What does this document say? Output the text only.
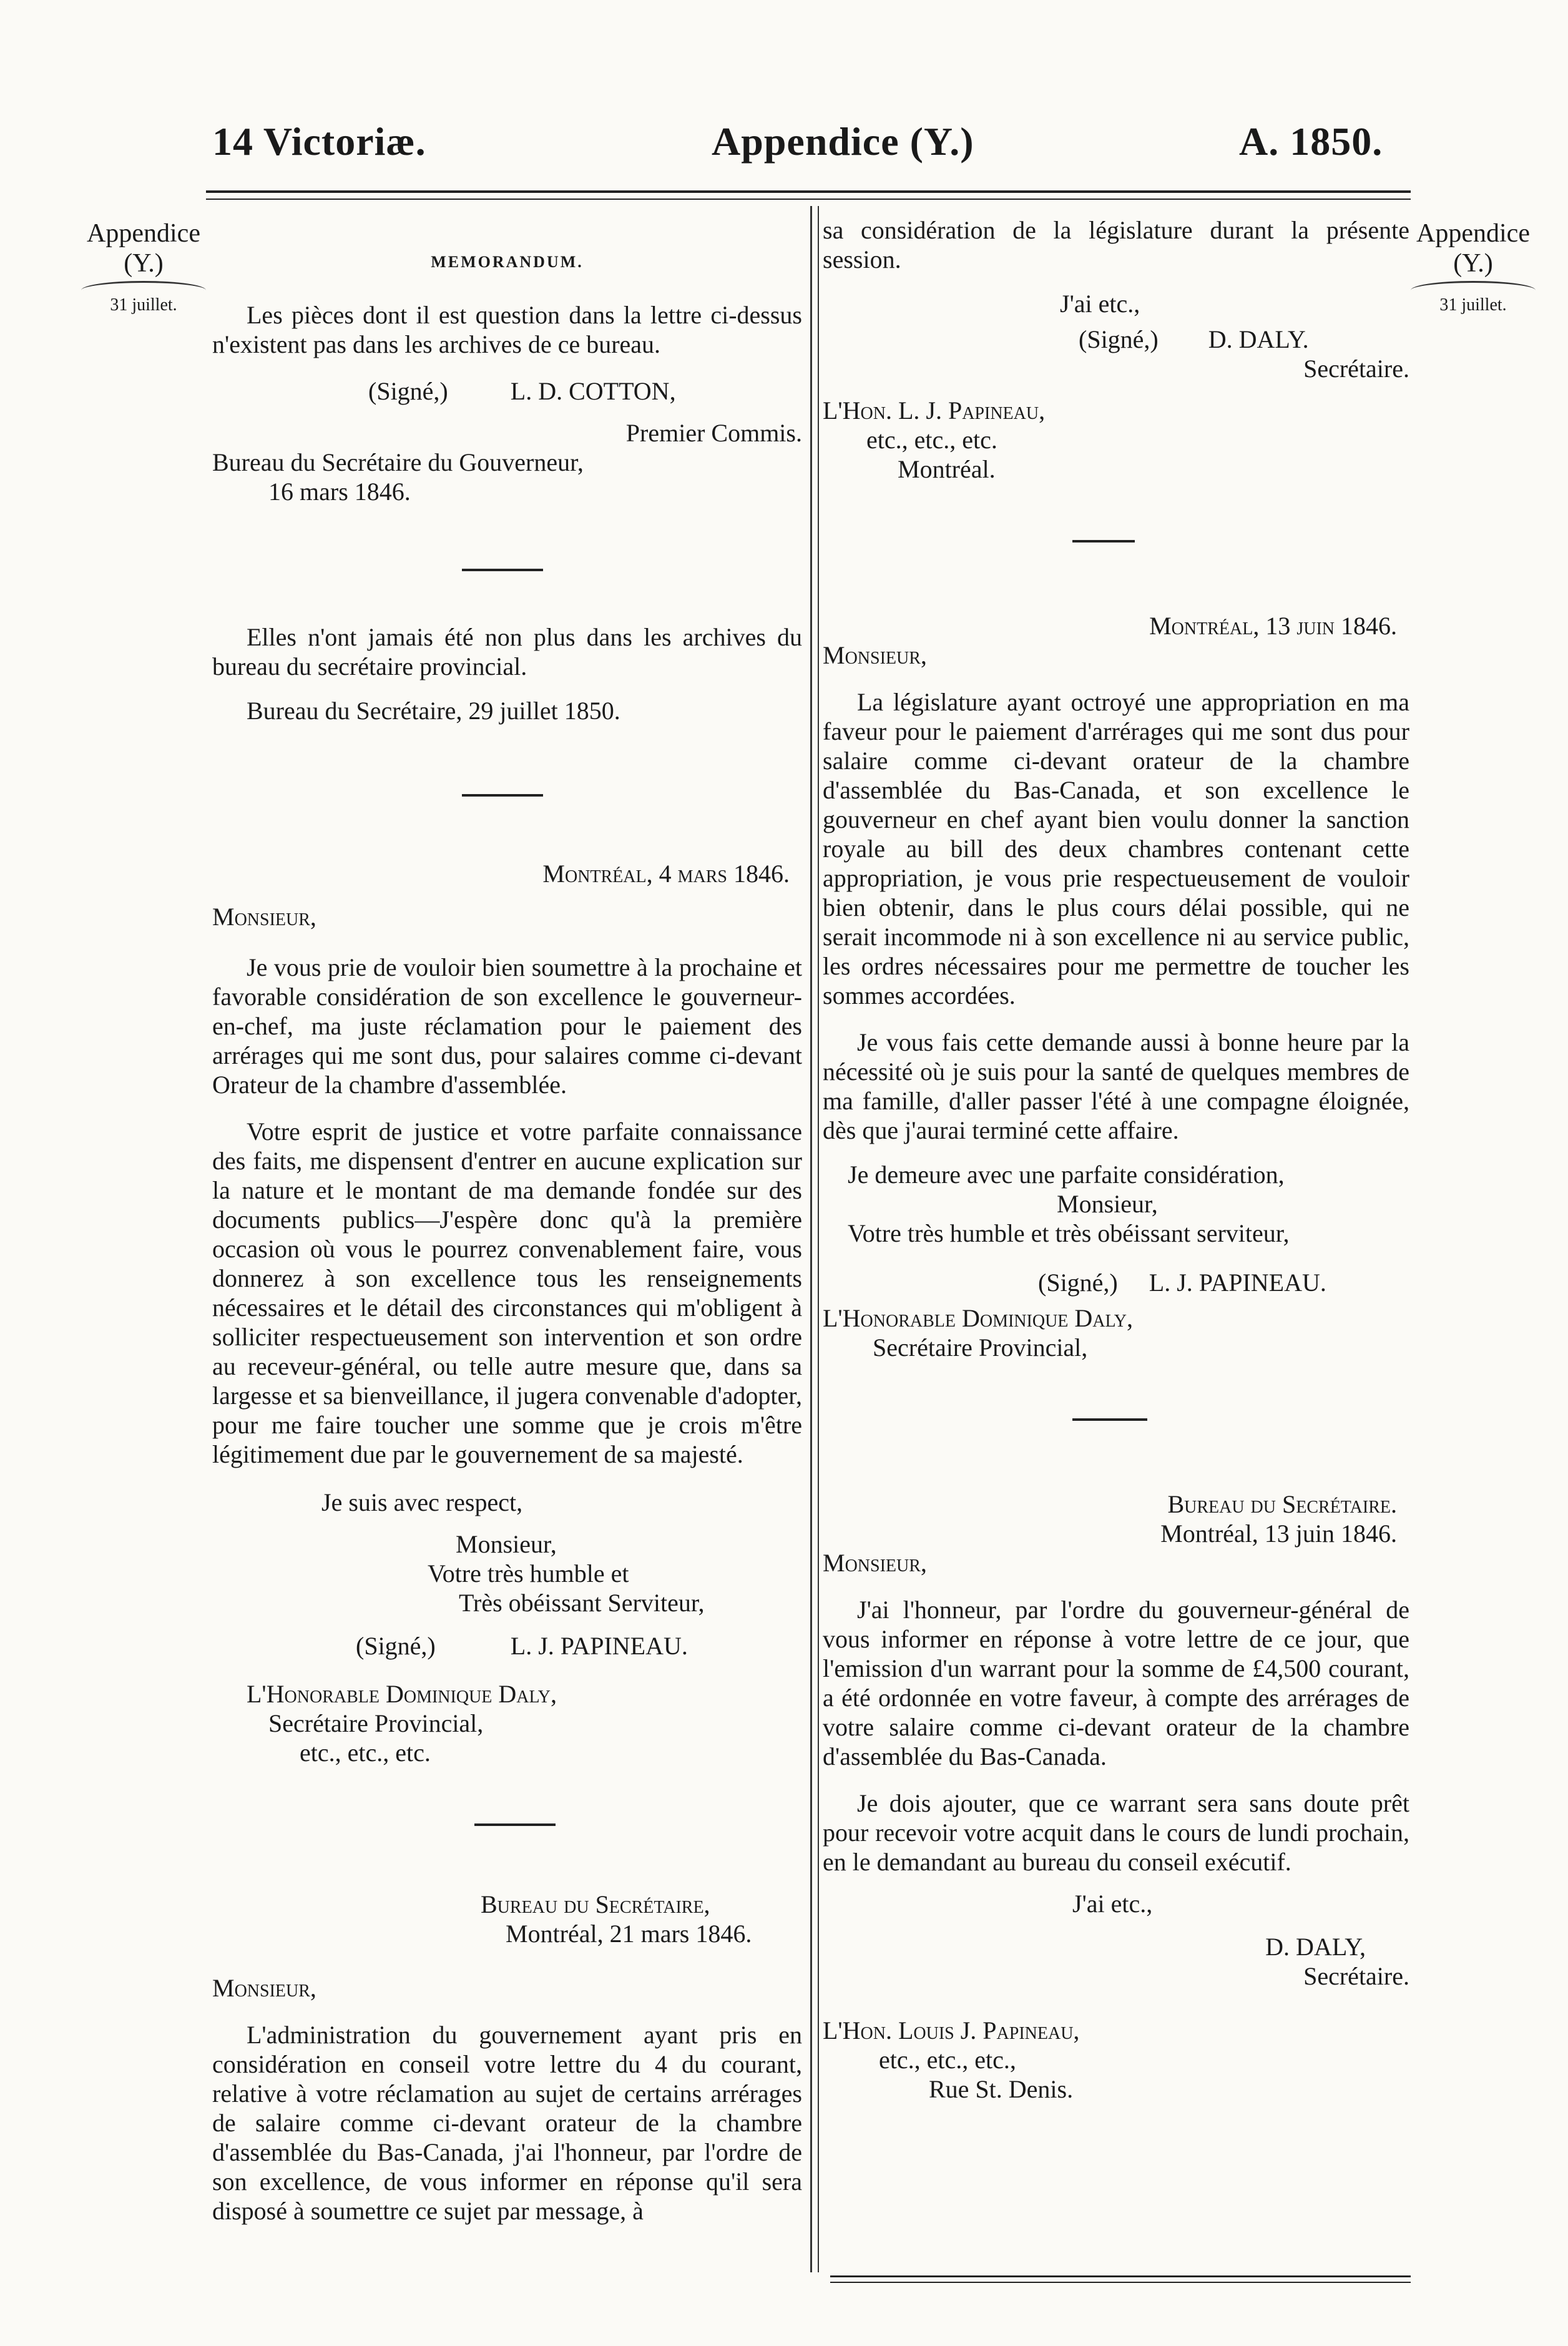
14 Victoriæ.	Appendice (Y.)	A. 1850.
Appendice
(Y.)
31 juillet.
Appendice
(Y.)
31 juillet.

MEMORANDUM.

Les pièces dont il est question dans la lettre ci-dessus n'existent pas dans les archives de ce bureau.

(Signé,)	L. D. COTTON,

Premier Commis.

Bureau du Secrétaire du Gouverneur,

16 mars 1846.

Elles n'ont jamais été non plus dans les archives du bureau du secrétaire provincial.

Bureau du Secrétaire, 29 juillet 1850.

Montréal, 4 mars 1846.

Monsieur,

Je vous prie de vouloir bien soumettre à la prochaine et favorable considération de son excellence le gouverneur-en-chef, ma juste réclamation pour le paiement des arrérages qui me sont dus, pour salaires comme ci-devant Orateur de la chambre d'assemblée.

Votre esprit de justice et votre parfaite connaissance des faits, me dispensent d'entrer en aucune explication sur la nature et le montant de ma demande fondée sur des documents publics—J'espère donc qu'à la première occasion où vous le pourrez convenablement faire, vous donnerez à son excellence tous les renseignements nécessaires et le détail des circonstances qui m'obligent à solliciter respectueusement son intervention et son ordre au receveur-général, ou telle autre mesure que, dans sa largesse et sa bienveillance, il jugera convenable d'adopter, pour me faire toucher une somme que je crois m'être légitimement due par le gouvernement de sa majesté.

Je suis avec respect,

Monsieur,

Votre très humble et

Très obéissant Serviteur,

(Signé,)	L. J. PAPINEAU.

L'Honorable Dominique Daly,

Secrétaire Provincial,

etc., etc., etc.

Bureau du Secrétaire,

Montréal, 21 mars 1846.

Monsieur,

L'administration du gouvernement ayant pris en considération en conseil votre lettre du 4 du courant, relative à votre réclamation au sujet de certains arrérages de salaire comme ci-devant orateur de la chambre d'assemblée du Bas-Canada, j'ai l'honneur, par l'ordre de son excellence, de vous informer en réponse qu'il sera disposé à soumettre ce sujet par message, à

sa considération de la législature durant la présente session.

J'ai etc.,

(Signé,) D. DALY.

Secrétaire.

L'Hon. L. J. Papineau,

etc., etc., etc.

Montréal.

Montréal, 13 juin 1846.

Monsieur,

La législature ayant octroyé une appropriation en ma faveur pour le paiement d'arrérages qui me sont dus pour salaire comme ci-devant orateur de la chambre d'assemblée du Bas-Canada, et son excellence le gouverneur en chef ayant bien voulu donner la sanction royale au bill des deux chambres contenant cette appropriation, je vous prie respectueusement de vouloir bien obtenir, dans le plus cours délai possible, qui ne serait incommode ni à son excellence ni au service public, les ordres nécessaires pour me permettre de toucher les sommes accordées.

Je vous fais cette demande aussi à bonne heure par la nécessité où je suis pour la santé de quelques membres de ma famille, d'aller passer l'été à une compagne éloignée, dès que j'aurai terminé cette affaire.

Je demeure avec une parfaite considération,

Monsieur,

Votre très humble et très obéissant serviteur,

(Signé,) L. J. PAPINEAU.

L'Honorable Dominique Daly,

Secrétaire Provincial,

Bureau du Secrétaire.

Montréal, 13 juin 1846.

Monsieur,

J'ai l'honneur, par l'ordre du gouverneur-général de vous informer en réponse à votre lettre de ce jour, que l'emission d'un warrant pour la somme de £4,500 courant, a été ordonnée en votre faveur, à compte des arrérages de votre salaire comme ci-devant orateur de la chambre d'assemblée du Bas-Canada.

Je dois ajouter, que ce warrant sera sans doute prêt pour recevoir votre acquit dans le cours de lundi prochain, en le demandant au bureau du conseil exécutif.

J'ai etc.,

D. DALY,

Secrétaire.

L'Hon. Louis J. Papineau,

etc., etc., etc.,

Rue St. Denis.
